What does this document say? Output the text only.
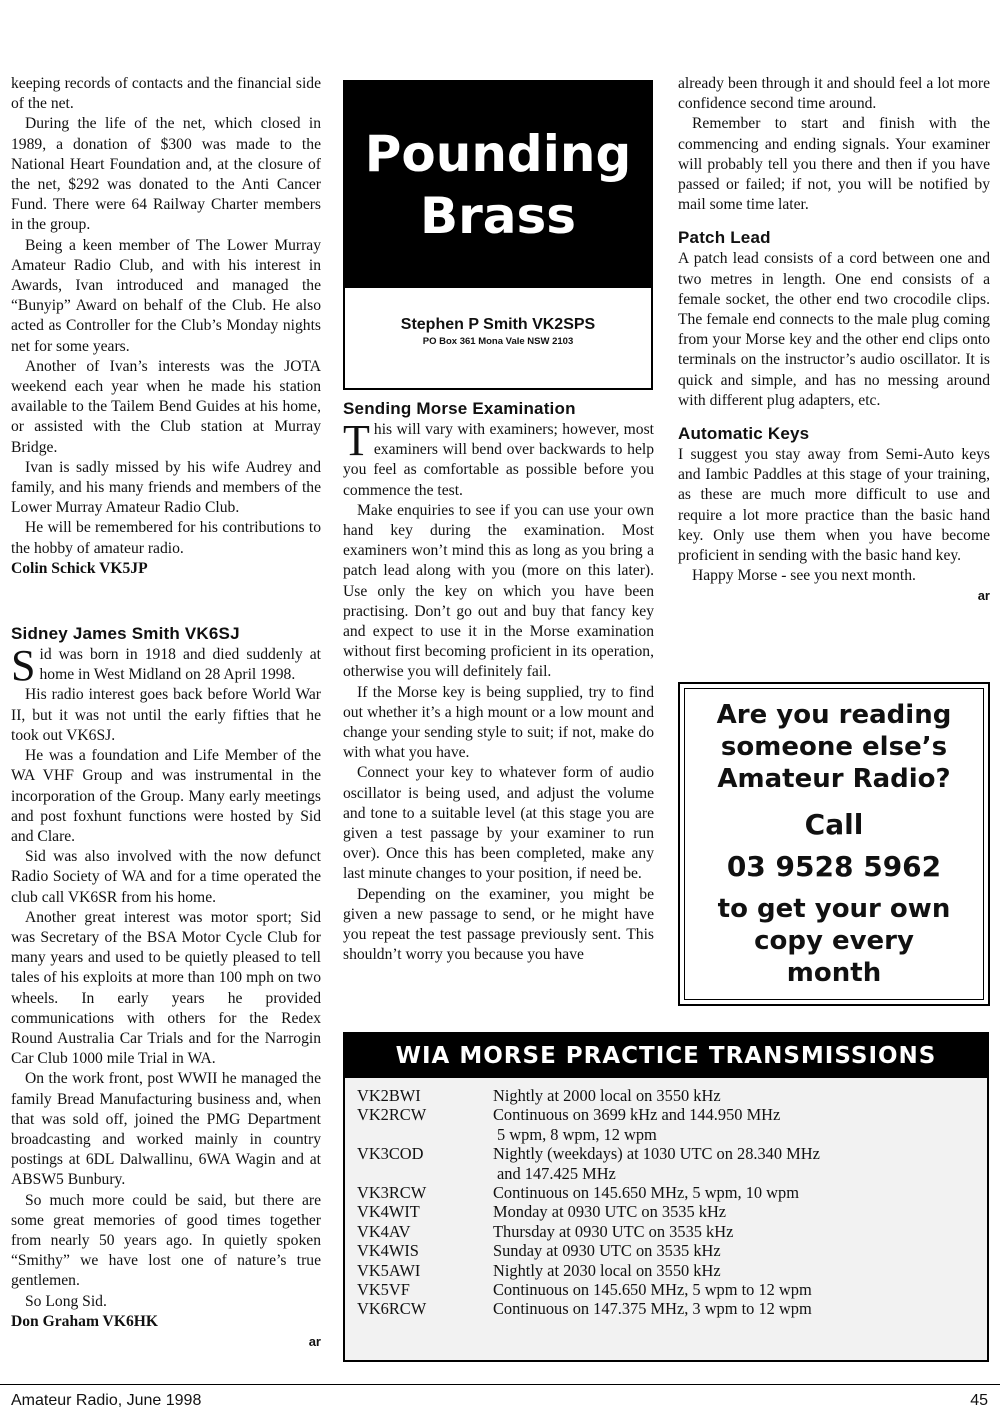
keeping records of contacts and the financial side of the net.

During the life of the net, which closed in 1989, a donation of $300 was made to the National Heart Foundation and, at the closure of the net, $292 was donated to the Anti Cancer Fund. There were 64 Railway Charter members in the group.

Being a keen member of The Lower Murray Amateur Radio Club, and with his interest in Awards, Ivan introduced and managed the “Bunyip” Award on behalf of the Club. He also acted as Controller for the Club’s Monday nights net for some years.

Another of Ivan’s interests was the JOTA weekend each year when he made his station available to the Tailem Bend Guides at his home, or assisted with the Club station at Murray Bridge.

Ivan is sadly missed by his wife Audrey and family, and his many friends and members of the Lower Murray Amateur Radio Club.

He will be remembered for his contributions to the hobby of amateur radio.

Colin Schick VK5JP

Sidney James Smith VK6SJ

Sid was born in 1918 and died suddenly at home in West Midland on 28 April 1998.

His radio interest goes back before World War II, but it was not until the early fifties that he took out VK6SJ.

He was a foundation and Life Member of the WA VHF Group and was instrumental in the incorporation of the Group. Many early meetings and post foxhunt functions were hosted by Sid and Clare.

Sid was also involved with the now defunct Radio Society of WA and for a time operated the club call VK6SR from his home.

Another great interest was motor sport; Sid was Secretary of the BSA Motor Cycle Club for many years and used to be quietly pleased to tell tales of his exploits at more than 100 mph on two wheels. In early years he provided communications with others for the Redex Round Australia Car Trials and for the Narrogin Car Club 1000 mile Trial in WA.

On the work front, post WWII he managed the family Bread Manufacturing business and, when that was sold off, joined the PMG Department broadcasting and worked mainly in country postings at 6DL Dalwallinu, 6WA Wagin and at ABSW5 Bunbury.

So much more could be said, but there are some great memories of good times together from nearly 50 years ago. In quietly spoken “Smithy” we have lost one of nature’s true gentlemen.

So Long Sid.

Don Graham VK6HK

ar

Pounding
Brass
Stephen P Smith VK2SPS
PO Box 361 Mona Vale NSW 2103
Sending Morse Examination

This will vary with examiners; however, most examiners will bend over backwards to help you feel as comfortable as possible before you commence the test.

Make enquiries to see if you can use your own hand key during the examination. Most examiners won’t mind this as long as you bring a patch lead along with you (more on this later). Use only the key on which you have been practising. Don’t go out and buy that fancy key and expect to use it in the Morse examination without first becoming proficient in its operation, otherwise you will definitely fail.

If the Morse key is being supplied, try to find out whether it’s a high mount or a low mount and change your sending style to suit; if not, make do with what you have.

Connect your key to whatever form of audio oscillator is being used, and adjust the volume and tone to a suitable level (at this stage you are given a test passage by your examiner to run over). Once this has been completed, make any last minute changes to your position, if need be.

Depending on the examiner, you might be given a new passage to send, or he might have you repeat the test passage previously sent. This shouldn’t worry you because you have

already been through it and should feel a lot more confidence second time around.

Remember to start and finish with the commencing and ending signals. Your examiner will probably tell you there and then if you have passed or failed; if not, you will be notified by mail some time later.

Patch Lead

A patch lead consists of a cord between one and two metres in length. One end consists of a female socket, the other end two crocodile clips. The female end connects to the male plug coming from your Morse key and the other end clips onto terminals on the instructor’s audio oscillator. It is quick and simple, and has no messing around with different plug adapters, etc.

Automatic Keys

I suggest you stay away from Semi-Auto keys and Iambic Paddles at this stage of your training, as these are much more difficult to use and require a lot more practice than the basic hand key. Only use them when you have become proficient in sending with the basic hand key.

Happy Morse - see you next month.

ar

Are you reading
someone else’s
Amateur Radio?
Call
03 9528 5962
to get your own
copy every
month
WIA MORSE PRACTICE TRANSMISSIONS
VK2BWI	Nightly at 2000 local on 3550 kHz
VK2RCW	Continuous on 3699 kHz and 144.950 MHz
	5 wpm, 8 wpm, 12 wpm
VK3COD	Nightly (weekdays) at 1030 UTC on 28.340 MHz
	and 147.425 MHz
VK3RCW	Continuous on 145.650 MHz, 5 wpm, 10 wpm
VK4WIT	Monday at 0930 UTC on 3535 kHz
VK4AV	Thursday at 0930 UTC on 3535 kHz
VK4WIS	Sunday at 0930 UTC on 3535 kHz
VK5AWI	Nightly at 2030 local on 3550 kHz
VK5VF	Continuous on 145.650 MHz, 5 wpm to 12 wpm
VK6RCW	Continuous on 147.375 MHz, 3 wpm to 12 wpm
Amateur Radio, June 1998	45
